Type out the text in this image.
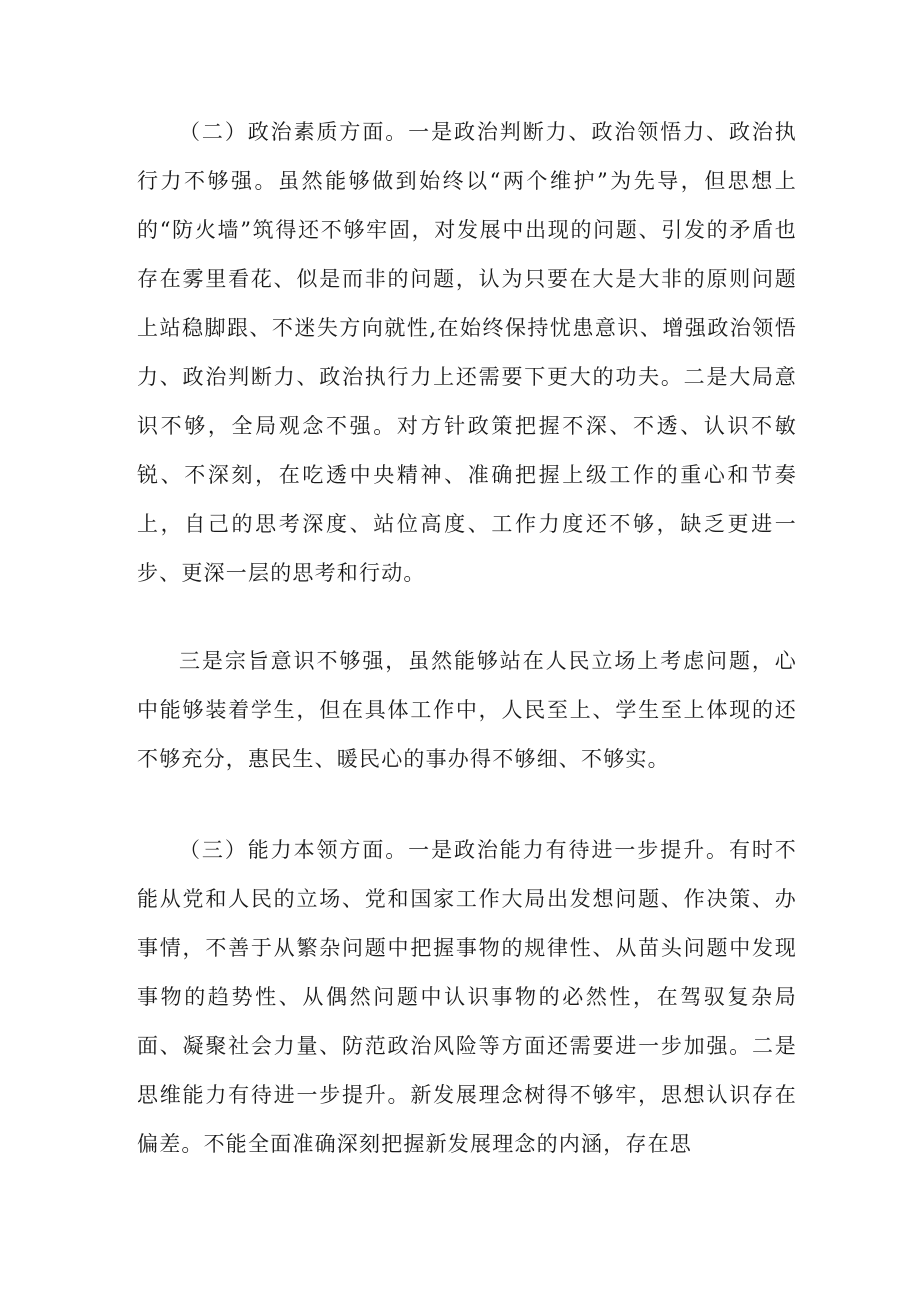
（二）政治素质方面。一是政治判断力、政治领悟力、政治执行力不够强。虽然能够做到始终以“两个维护”为先导，但思想上的“防火墙”筑得还不够牢固，对发展中出现的问题、引发的矛盾也存在雾里看花、似是而非的问题，认为只要在大是大非的原则问题上站稳脚跟、不迷失方向就性,在始终保持忧患意识、增强政治领悟力、政治判断力、政治执行力上还需要下更大的功夫。二是大局意识不够，全局观念不强。对方针政策把握不深、不透、认识不敏锐、不深刻，在吃透中央精神、准确把握上级工作的重心和节奏上，自己的思考深度、站位高度、工作力度还不够，缺乏更进一步、更深一层的思考和行动。

三是宗旨意识不够强，虽然能够站在人民立场上考虑问题，心中能够装着学生，但在具体工作中，人民至上、学生至上体现的还不够充分，惠民生、暖民心的事办得不够细、不够实。

（三）能力本领方面。一是政治能力有待进一步提升。有时不能从党和人民的立场、党和国家工作大局出发想问题、作决策、办事情，不善于从繁杂问题中把握事物的规律性、从苗头问题中发现事物的趋势性、从偶然问题中认识事物的必然性，在驾驭复杂局面、凝聚社会力量、防范政治风险等方面还需要进一步加强。二是思维能力有待进一步提升。新发展理念树得不够牢，思想认识存在偏差。不能全面准确深刻把握新发展理念的内涵，存在思
